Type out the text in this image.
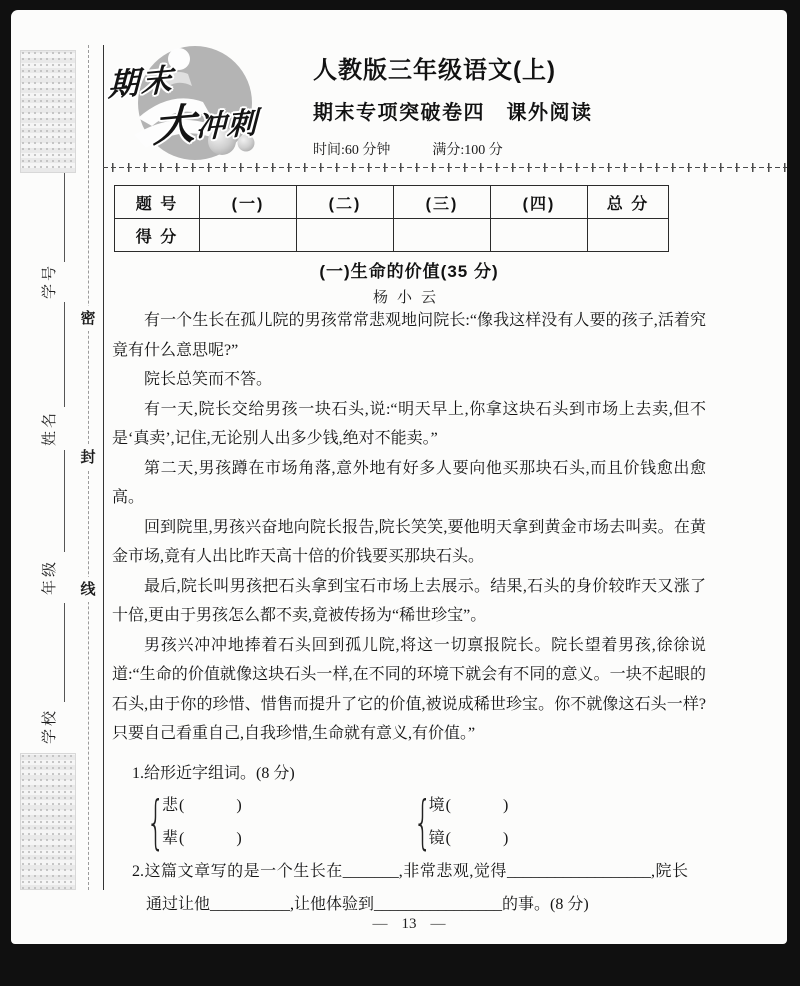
学号
姓名
年级
学校
密
封
线
期末
大冲刺
人教版三年级语文(上)
期末专项突破卷四　课外阅读
时间:60 分钟	满分:100 分
题 号	(一)	(二)	(三)	(四)	总 分
得 分					
(一)生命的价值(35 分)
杨小云

有一个生长在孤儿院的男孩常常悲观地问院长:“像我这样没有人要的孩子,活着究竟有什么意思呢?”

院长总笑而不答。

有一天,院长交给男孩一块石头,说:“明天早上,你拿这块石头到市场上去卖,但不是‘真卖’,记住,无论别人出多少钱,绝对不能卖。”

第二天,男孩蹲在市场角落,意外地有好多人要向他买那块石头,而且价钱愈出愈高。

回到院里,男孩兴奋地向院长报告,院长笑笑,要他明天拿到黄金市场去叫卖。在黄金市场,竟有人出比昨天高十倍的价钱要买那块石头。

最后,院长叫男孩把石头拿到宝石市场上去展示。结果,石头的身价较昨天又涨了十倍,更由于男孩怎么都不卖,竟被传扬为“稀世珍宝”。

男孩兴冲冲地捧着石头回到孤儿院,将这一切禀报院长。院长望着男孩,徐徐说道:“生命的价值就像这块石头一样,在不同的环境下就会有不同的意义。一块不起眼的石头,由于你的珍惜、惜售而提升了它的价值,被说成稀世珍宝。你不就像这石头一样?只要自己看重自己,自我珍惜,生命就有意义,有价值。”

1.给形近字组词。(8 分)
{
悲(　　　)
辈(　　　)	{
境(　　　)
镜(　　　)
2.这篇文章写的是一个生长在_______,非常悲观,觉得__________________,院长通过让他__________,让他体验到________________的事。(8 分)
— 13 —
